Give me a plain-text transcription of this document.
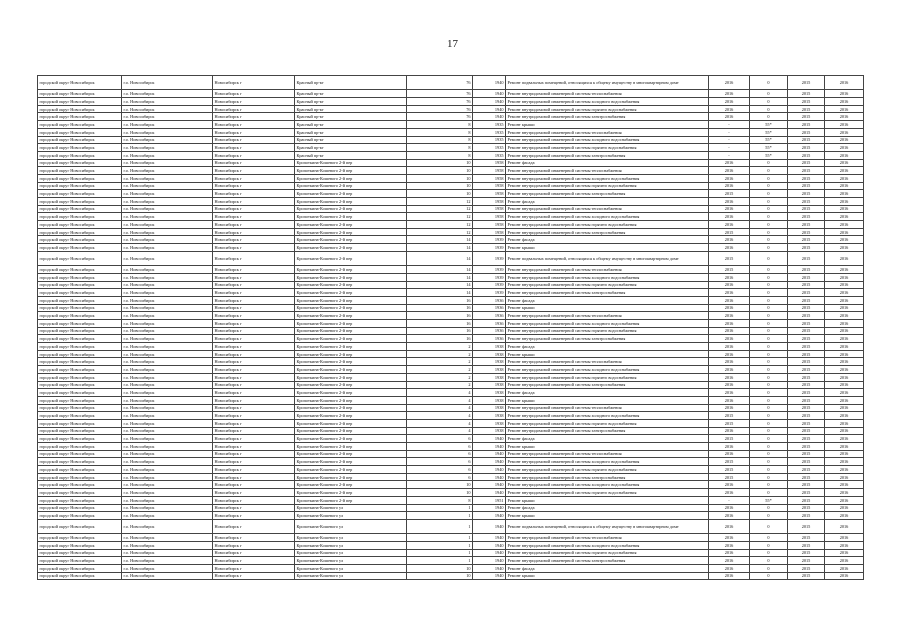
17
городской округ Новосибирск	г.о. Новосибирск	Новосибирск г	Красный пр-кт	76	1940	Ремонт подвальных помещений, относящихся к общему имуществу в многоквартирном доме	2016	0	2015	2016
городской округ Новосибирск	г.о. Новосибирск	Новосибирск г	Красный пр-кт	76	1940	Ремонт внутридомовой инженерной системы теплоснабжения	2016	0	2015	2016
городской округ Новосибирск	г.о. Новосибирск	Новосибирск г	Красный пр-кт	76	1940	Ремонт внутридомовой инженерной системы холодного водоснабжения	2016	0	2015	2016
городской округ Новосибирск	г.о. Новосибирск	Новосибирск г	Красный пр-кт	76	1940	Ремонт внутридомовой инженерной системы горячего водоснабжения	2016	0	2015	2016
городской округ Новосибирск	г.о. Новосибирск	Новосибирск г	Красный пр-кт	76	1940	Ремонт внутридомовой инженерной системы электроснабжения	2016	0	2015	2016
городской округ Новосибирск	г.о. Новосибирск	Новосибирск г	Красный пр-кт	8	1935	Ремонт крыши	-	55*	2015	2016
городской округ Новосибирск	г.о. Новосибирск	Новосибирск г	Красный пр-кт	8	1935	Ремонт внутридомовой инженерной системы теплоснабжения	-	55*	2015	2016
городской округ Новосибирск	г.о. Новосибирск	Новосибирск г	Красный пр-кт	8	1935	Ремонт внутридомовой инженерной системы холодного водоснабжения	-	55*	2015	2016
городской округ Новосибирск	г.о. Новосибирск	Новосибирск г	Красный пр-кт	8	1935	Ремонт внутридомовой инженерной системы горячего водоснабжения	-	55*	2015	2016
городской округ Новосибирск	г.о. Новосибирск	Новосибирск г	Красный пр-кт	8	1935	Ремонт внутридомовой инженерной системы электроснабжения	-	55*	2015	2016
городской округ Новосибирск	г.о. Новосибирск	Новосибирск г	Кропоткина-Кошевого 2-й пер	10	1958	Ремонт фасада	2016	0	2015	2016
городской округ Новосибирск	г.о. Новосибирск	Новосибирск г	Кропоткина-Кошевого 2-й пер	10	1958	Ремонт внутридомовой инженерной системы теплоснабжения	2016	0	2015	2016
городской округ Новосибирск	г.о. Новосибирск	Новосибирск г	Кропоткина-Кошевого 2-й пер	10	1958	Ремонт внутридомовой инженерной системы холодного водоснабжения	2016	0	2015	2016
городской округ Новосибирск	г.о. Новосибирск	Новосибирск г	Кропоткина-Кошевого 2-й пер	10	1958	Ремонт внутридомовой инженерной системы горячего водоснабжения	2016	0	2015	2016
городской округ Новосибирск	г.о. Новосибирск	Новосибирск г	Кропоткина-Кошевого 2-й пер	10	1958	Ремонт внутридомовой инженерной системы электроснабжения	2015	0	2015	2016
городской округ Новосибирск	г.о. Новосибирск	Новосибирск г	Кропоткина-Кошевого 2-й пер	12	1958	Ремонт фасада	2016	0	2015	2016
городской округ Новосибирск	г.о. Новосибирск	Новосибирск г	Кропоткина-Кошевого 2-й пер	12	1958	Ремонт внутридомовой инженерной системы теплоснабжения	2016	0	2015	2016
городской округ Новосибирск	г.о. Новосибирск	Новосибирск г	Кропоткина-Кошевого 2-й пер	12	1958	Ремонт внутридомовой инженерной системы холодного водоснабжения	2016	0	2015	2016
городской округ Новосибирск	г.о. Новосибирск	Новосибирск г	Кропоткина-Кошевого 2-й пер	12	1958	Ремонт внутридомовой инженерной системы горячего водоснабжения	2016	0	2015	2016
городской округ Новосибирск	г.о. Новосибирск	Новосибирск г	Кропоткина-Кошевого 2-й пер	12	1958	Ремонт внутридомовой инженерной системы электроснабжения	2015	0	2015	2016
городской округ Новосибирск	г.о. Новосибирск	Новосибирск г	Кропоткина-Кошевого 2-й пер	14	1939	Ремонт фасада	2016	0	2015	2016
городской округ Новосибирск	г.о. Новосибирск	Новосибирск г	Кропоткина-Кошевого 2-й пер	14	1939	Ремонт крыши	2016	0	2015	2016
городской округ Новосибирск	г.о. Новосибирск	Новосибирск г	Кропоткина-Кошевого 2-й пер	14	1939	Ремонт подвальных помещений, относящихся к общему имуществу в многоквартирном доме	2015	0	2015	2016
городской округ Новосибирск	г.о. Новосибирск	Новосибирск г	Кропоткина-Кошевого 2-й пер	14	1939	Ремонт внутридомовой инженерной системы теплоснабжения	2015	0	2015	2016
городской округ Новосибирск	г.о. Новосибирск	Новосибирск г	Кропоткина-Кошевого 2-й пер	14	1939	Ремонт внутридомовой инженерной системы холодного водоснабжения	2016	0	2015	2016
городской округ Новосибирск	г.о. Новосибирск	Новосибирск г	Кропоткина-Кошевого 2-й пер	14	1939	Ремонт внутридомовой инженерной системы горячего водоснабжения	2016	0	2015	2016
городской округ Новосибирск	г.о. Новосибирск	Новосибирск г	Кропоткина-Кошевого 2-й пер	14	1939	Ремонт внутридомовой инженерной системы электроснабжения	2016	0	2015	2016
городской округ Новосибирск	г.о. Новосибирск	Новосибирск г	Кропоткина-Кошевого 2-й пер	16	1936	Ремонт фасада	2016	0	2015	2016
городской округ Новосибирск	г.о. Новосибирск	Новосибирск г	Кропоткина-Кошевого 2-й пер	16	1936	Ремонт крыши	2016	0	2015	2016
городской округ Новосибирск	г.о. Новосибирск	Новосибирск г	Кропоткина-Кошевого 2-й пер	16	1936	Ремонт внутридомовой инженерной системы теплоснабжения	2016	0	2015	2016
городской округ Новосибирск	г.о. Новосибирск	Новосибирск г	Кропоткина-Кошевого 2-й пер	16	1936	Ремонт внутридомовой инженерной системы холодного водоснабжения	2016	0	2015	2016
городской округ Новосибирск	г.о. Новосибирск	Новосибирск г	Кропоткина-Кошевого 2-й пер	16	1936	Ремонт внутридомовой инженерной системы горячего водоснабжения	2016	0	2015	2016
городской округ Новосибирск	г.о. Новосибирск	Новосибирск г	Кропоткина-Кошевого 2-й пер	16	1936	Ремонт внутридомовой инженерной системы электроснабжения	2016	0	2015	2016
городской округ Новосибирск	г.о. Новосибирск	Новосибирск г	Кропоткина-Кошевого 2-й пер	2	1938	Ремонт фасада	2016	0	2015	2016
городской округ Новосибирск	г.о. Новосибирск	Новосибирск г	Кропоткина-Кошевого 2-й пер	2	1938	Ремонт крыши	2016	0	2015	2016
городской округ Новосибирск	г.о. Новосибирск	Новосибирск г	Кропоткина-Кошевого 2-й пер	2	1938	Ремонт внутридомовой инженерной системы теплоснабжения	2016	0	2015	2016
городской округ Новосибирск	г.о. Новосибирск	Новосибирск г	Кропоткина-Кошевого 2-й пер	2	1938	Ремонт внутридомовой инженерной системы холодного водоснабжения	2016	0	2015	2016
городской округ Новосибирск	г.о. Новосибирск	Новосибирск г	Кропоткина-Кошевого 2-й пер	2	1938	Ремонт внутридомовой инженерной системы горячего водоснабжения	2016	0	2015	2016
городской округ Новосибирск	г.о. Новосибирск	Новосибирск г	Кропоткина-Кошевого 2-й пер	2	1938	Ремонт внутридомовой инженерной системы электроснабжения	2016	0	2015	2016
городской округ Новосибирск	г.о. Новосибирск	Новосибирск г	Кропоткина-Кошевого 2-й пер	4	1938	Ремонт фасада	2016	0	2015	2016
городской округ Новосибирск	г.о. Новосибирск	Новосибирск г	Кропоткина-Кошевого 2-й пер	4	1938	Ремонт крыши	2016	0	2015	2016
городской округ Новосибирск	г.о. Новосибирск	Новосибирск г	Кропоткина-Кошевого 2-й пер	4	1938	Ремонт внутридомовой инженерной системы теплоснабжения	2016	0	2015	2016
городской округ Новосибирск	г.о. Новосибирск	Новосибирск г	Кропоткина-Кошевого 2-й пер	4	1938	Ремонт внутридомовой инженерной системы холодного водоснабжения	2015	0	2015	2016
городской округ Новосибирск	г.о. Новосибирск	Новосибирск г	Кропоткина-Кошевого 2-й пер	4	1938	Ремонт внутридомовой инженерной системы горячего водоснабжения	2015	0	2015	2016
городской округ Новосибирск	г.о. Новосибирск	Новосибирск г	Кропоткина-Кошевого 2-й пер	4	1938	Ремонт внутридомовой инженерной системы электроснабжения	2016	0	2015	2016
городской округ Новосибирск	г.о. Новосибирск	Новосибирск г	Кропоткина-Кошевого 2-й пер	6	1940	Ремонт фасада	2015	0	2015	2016
городской округ Новосибирск	г.о. Новосибирск	Новосибирск г	Кропоткина-Кошевого 2-й пер	6	1940	Ремонт крыши	2016	0	2015	2016
городской округ Новосибирск	г.о. Новосибирск	Новосибирск г	Кропоткина-Кошевого 2-й пер	6	1940	Ремонт внутридомовой инженерной системы теплоснабжения	2016	0	2015	2016
городской округ Новосибирск	г.о. Новосибирск	Новосибирск г	Кропоткина-Кошевого 2-й пер	6	1940	Ремонт внутридомовой инженерной системы холодного водоснабжения	2015	0	2015	2016
городской округ Новосибирск	г.о. Новосибирск	Новосибирск г	Кропоткина-Кошевого 2-й пер	6	1940	Ремонт внутридомовой инженерной системы горячего водоснабжения	2015	0	2015	2016
городской округ Новосибирск	г.о. Новосибирск	Новосибирск г	Кропоткина-Кошевого 2-й пер	6	1940	Ремонт внутридомовой инженерной системы электроснабжения	2015	0	2015	2016
городской округ Новосибирск	г.о. Новосибирск	Новосибирск г	Кропоткина-Кошевого 2-й пер	10	1940	Ремонт внутридомовой инженерной системы холодного водоснабжения	2016	0	2015	2016
городской округ Новосибирск	г.о. Новосибирск	Новосибирск г	Кропоткина-Кошевого 2-й пер	10	1940	Ремонт внутридомовой инженерной системы горячего водоснабжения	2016	0	2015	2016
городской округ Новосибирск	г.о. Новосибирск	Новосибирск г	Кропоткина-Кошевого 2-й пер	8	1951	Ремонт крыши	-	55*	2015	2016
городской округ Новосибирск	г.о. Новосибирск	Новосибирск г	Кропоткина-Кошевого ул	1	1940	Ремонт фасада	2016	0	2015	2016
городской округ Новосибирск	г.о. Новосибирск	Новосибирск г	Кропоткина-Кошевого ул	1	1940	Ремонт крыши	2016	0	2015	2016
городской округ Новосибирск	г.о. Новосибирск	Новосибирск г	Кропоткина-Кошевого ул	1	1940	Ремонт подвальных помещений, относящихся к общему имуществу в многоквартирном доме	2016	0	2015	2016
городской округ Новосибирск	г.о. Новосибирск	Новосибирск г	Кропоткина-Кошевого ул	1	1940	Ремонт внутридомовой инженерной системы теплоснабжения	2016	0	2015	2016
городской округ Новосибирск	г.о. Новосибирск	Новосибирск г	Кропоткина-Кошевого ул	1	1940	Ремонт внутридомовой инженерной системы холодного водоснабжения	2016	0	2015	2016
городской округ Новосибирск	г.о. Новосибирск	Новосибирск г	Кропоткина-Кошевого ул	1	1940	Ремонт внутридомовой инженерной системы горячего водоснабжения	2016	0	2015	2016
городской округ Новосибирск	г.о. Новосибирск	Новосибирск г	Кропоткина-Кошевого ул	1	1940	Ремонт внутридомовой инженерной системы электроснабжения	2016	0	2015	2016
городской округ Новосибирск	г.о. Новосибирск	Новосибирск г	Кропоткина-Кошевого ул	10	1940	Ремонт фасада	2016	0	2015	2016
городской округ Новосибирск	г.о. Новосибирск	Новосибирск г	Кропоткина-Кошевого ул	10	1940	Ремонт крыши	2016	0	2015	2016
